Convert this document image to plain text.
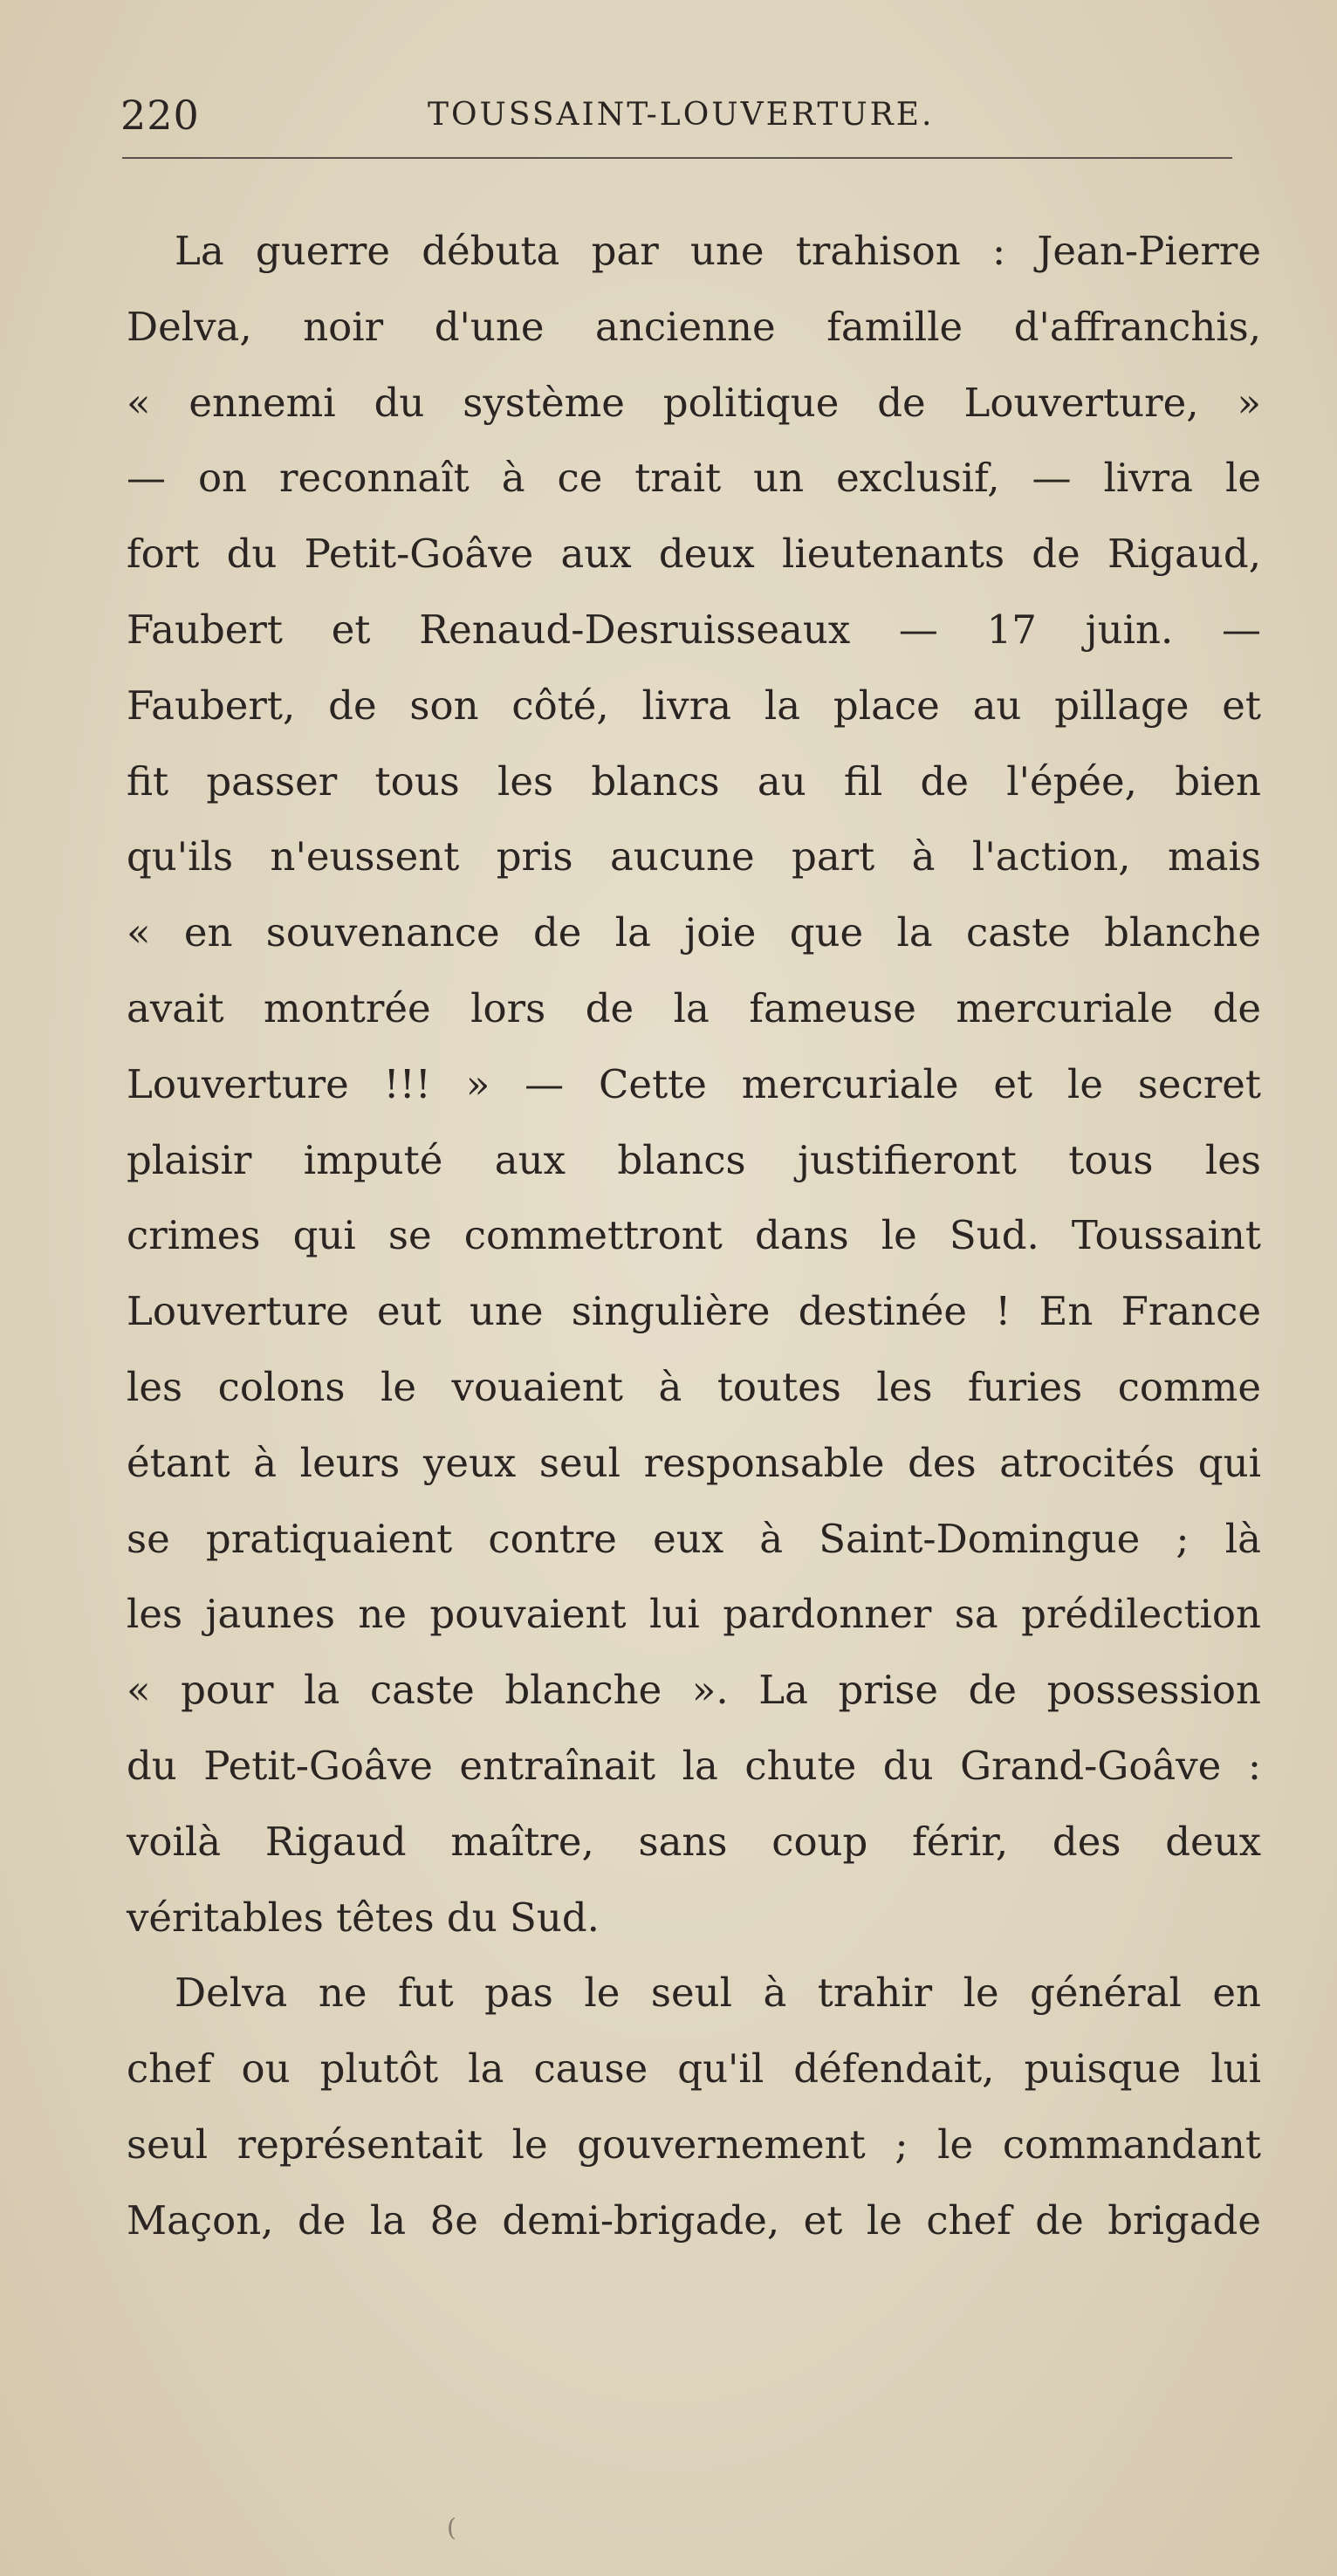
220	TOUSSAINT-LOUVERTURE.

La guerre débuta par une trahison : Jean-Pierre
Delva, noir d'une ancienne famille d'affranchis,
« ennemi du système politique de Louverture, »
— on reconnaît à ce trait un exclusif, — livra le
fort du Petit-Goâve aux deux lieutenants de Rigaud,
Faubert et Renaud-Desruisseaux — 17 juin. —
Faubert, de son côté, livra la place au pillage et
fit passer tous les blancs au fil de l'épée, bien
qu'ils n'eussent pris aucune part à l'action, mais
« en souvenance de la joie que la caste blanche
avait montrée lors de la fameuse mercuriale de
Louverture !!! » — Cette mercuriale et le secret
plaisir imputé aux blancs justifieront tous les
crimes qui se commettront dans le Sud. Toussaint
Louverture eut une singulière destinée ! En France
les colons le vouaient à toutes les furies comme
étant à leurs yeux seul responsable des atrocités qui
se pratiquaient contre eux à Saint-Domingue ; là
les jaunes ne pouvaient lui pardonner sa prédilection
« pour la caste blanche ». La prise de possession
du Petit-Goâve entraînait la chute du Grand-Goâve :
voilà Rigaud maître, sans coup férir, des deux
véritables têtes du Sud.

Delva ne fut pas le seul à trahir le général en
chef ou plutôt la cause qu'il défendait, puisque lui
seul représentait le gouvernement ; le commandant
Maçon, de la 8e demi-brigade, et le chef de brigade

(
